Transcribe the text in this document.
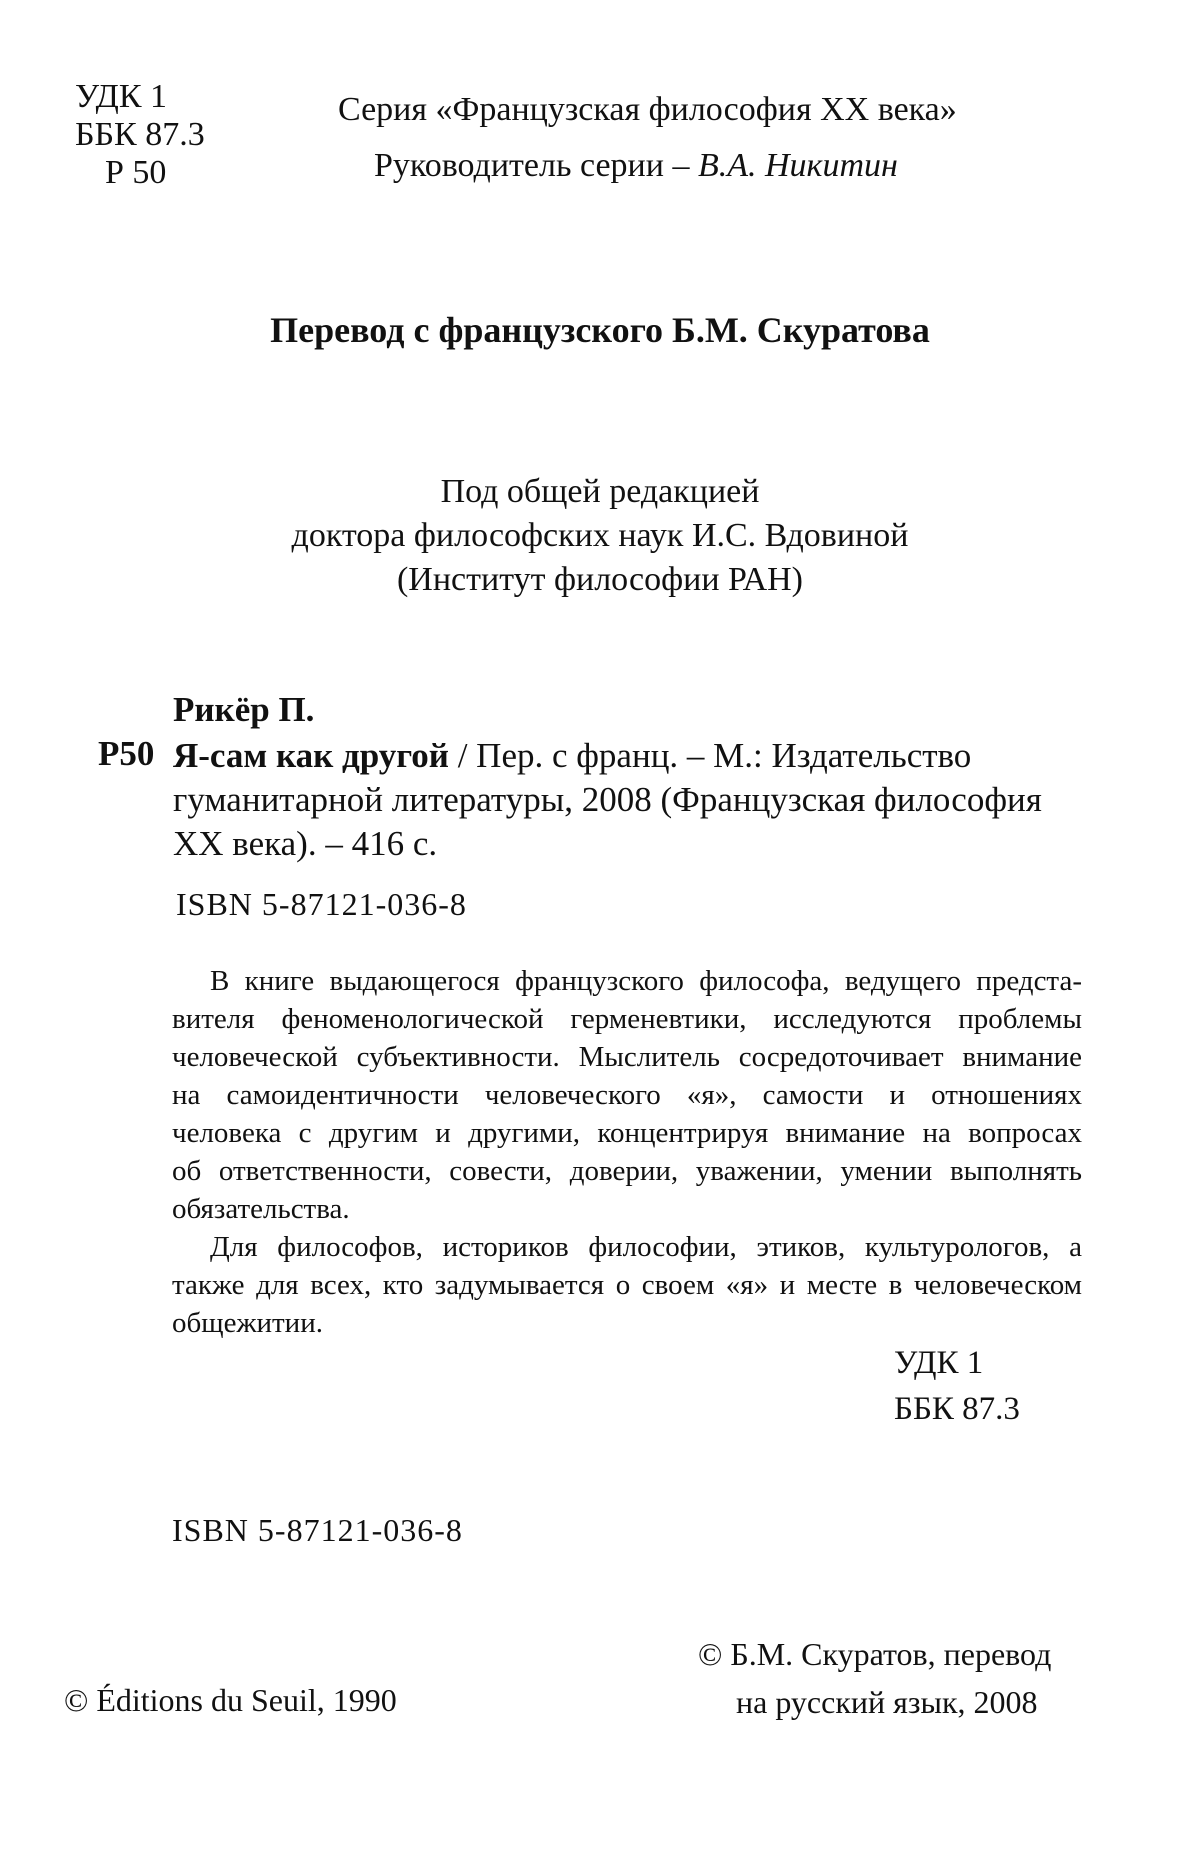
УДК 1
ББК 87.3
Р 50
Серия «Французская философия XX века»
Руководитель серии – В.А. Никитин
Перевод с французского Б.М. Скуратова
Под общей редакцией
доктора философских наук И.С. Вдовиной
(Институт философии РАН)
Рикёр П.
Р50 Я-сам как другой / Пер. с франц. – М.: Издательство
гуманитарной литературы, 2008 (Французская философия
XX века). – 416 с.
ISBN 5-87121-036-8

В книге выдающегося французского философа, ведущего предста-
вителя феноменологической герменевтики, исследуются проблемы
человеческой субъективности. Мыслитель сосредоточивает внимание
на самоидентичности человеческого «я», самости и отношениях
человека с другим и другими, концентрируя внимание на вопросах
об ответственности, совести, доверии, уважении, умении выполнять
обязательства.

Для философов, историков философии, этиков, культурологов, а
также для всех, кто задумывается о своем «я» и месте в человеческом
общежитии.

УДК 1
ББК 87.3
ISBN 5-87121-036-8
© Éditions du Seuil, 1990
© Б.М. Скуратов, перевод
на русский язык, 2008
